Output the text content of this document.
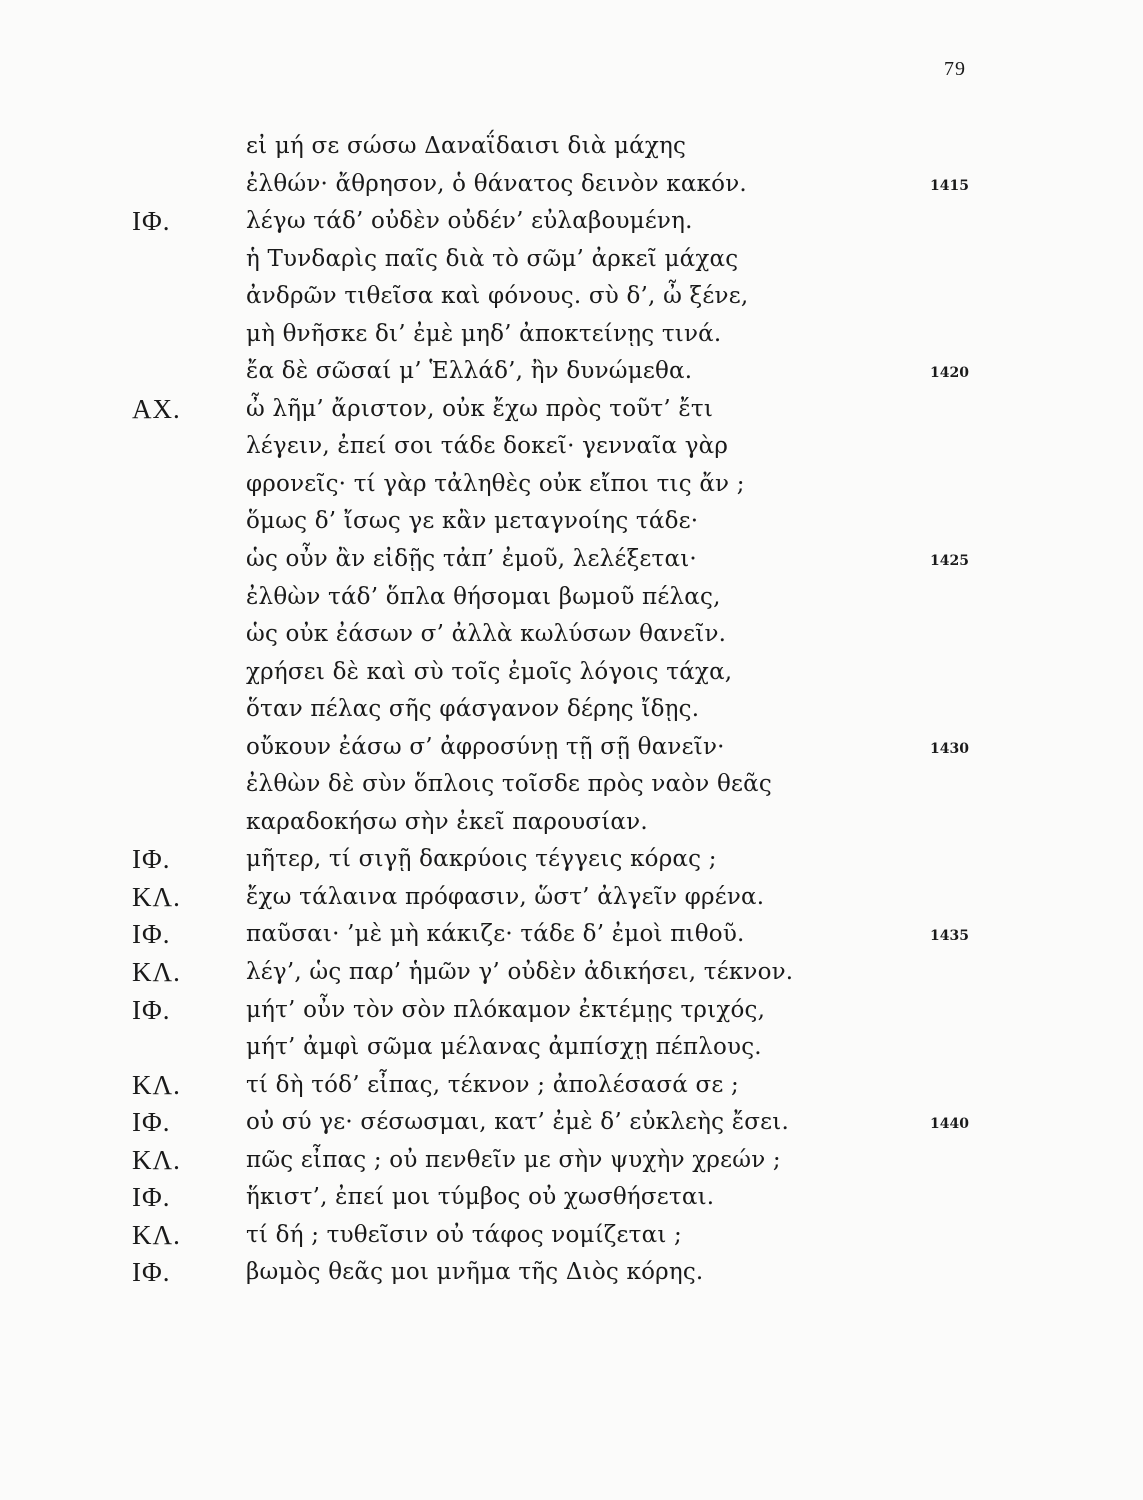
79
εἰ μή σε σώσω Δαναΐδαισι διὰ μάχης
ἐλθών· ἄθρησον, ὁ θάνατος δεινὸν κακόν.	1415
ΙΦ.	λέγω τάδ’ οὐδὲν οὐδέν’ εὐλαβουμένη.
ἡ Τυνδαρὶς παῖς διὰ τὸ σῶμ’ ἀρκεῖ μάχας
ἀνδρῶν τιθεῖσα καὶ φόνους. σὺ δ’, ὦ ξένε,
μὴ θνῆσκε δι’ ἐμὲ μηδ’ ἀποκτείνῃς τινά.
ἔα δὲ σῶσαί μ’ Ἑλλάδ’, ἢν δυνώμεθα.	1420
ΑΧ.	ὦ λῆμ’ ἄριστον, οὐκ ἔχω πρὸς τοῦτ’ ἔτι
λέγειν, ἐπεί σοι τάδε δοκεῖ· γενναῖα γὰρ
φρονεῖς· τί γὰρ τἀληθὲς οὐκ εἴποι τις ἄν ;
ὅμως δ’ ἴσως γε κἂν μεταγνοίης τάδε·
ὡς οὖν ἂν εἰδῇς τἀπ’ ἐμοῦ, λελέξεται·	1425
ἐλθὼν τάδ’ ὅπλα θήσομαι βωμοῦ πέλας,
ὡς οὐκ ἐάσων σ’ ἀλλὰ κωλύσων θανεῖν.
χρήσει δὲ καὶ σὺ τοῖς ἐμοῖς λόγοις τάχα,
ὅταν πέλας σῆς φάσγανον δέρης ἴδῃς.
οὔκουν ἐάσω σ’ ἀφροσύνῃ τῇ σῇ θανεῖν·	1430
ἐλθὼν δὲ σὺν ὅπλοις τοῖσδε πρὸς ναὸν θεᾶς
καραδοκήσω σὴν ἐκεῖ παρουσίαν.
ΙΦ.	μῆτερ, τί σιγῇ δακρύοις τέγγεις κόρας ;
ΚΛ.	ἔχω τάλαινα πρόφασιν, ὥστ’ ἀλγεῖν φρένα.
ΙΦ.	παῦσαι· ’μὲ μὴ κάκιζε· τάδε δ’ ἐμοὶ πιθοῦ.	1435
ΚΛ.	λέγ’, ὡς παρ’ ἡμῶν γ’ οὐδὲν ἀδικήσει, τέκνον.
ΙΦ.	μήτ’ οὖν τὸν σὸν πλόκαμον ἐκτέμῃς τριχός,
μήτ’ ἀμφὶ σῶμα μέλανας ἀμπίσχῃ πέπλους.
ΚΛ.	τί δὴ τόδ’ εἶπας, τέκνον ; ἀπολέσασά σε ;
ΙΦ.	οὐ σύ γε· σέσωσμαι, κατ’ ἐμὲ δ’ εὐκλεὴς ἔσει.	1440
ΚΛ.	πῶς εἶπας ; οὐ πενθεῖν με σὴν ψυχὴν χρεών ;
ΙΦ.	ἥκιστ’, ἐπεί μοι τύμβος οὐ χωσθήσεται.
ΚΛ.	τί δή ; τυθεῖσιν οὐ τάφος νομίζεται ;
ΙΦ.	βωμὸς θεᾶς μοι μνῆμα τῆς Διὸς κόρης.
